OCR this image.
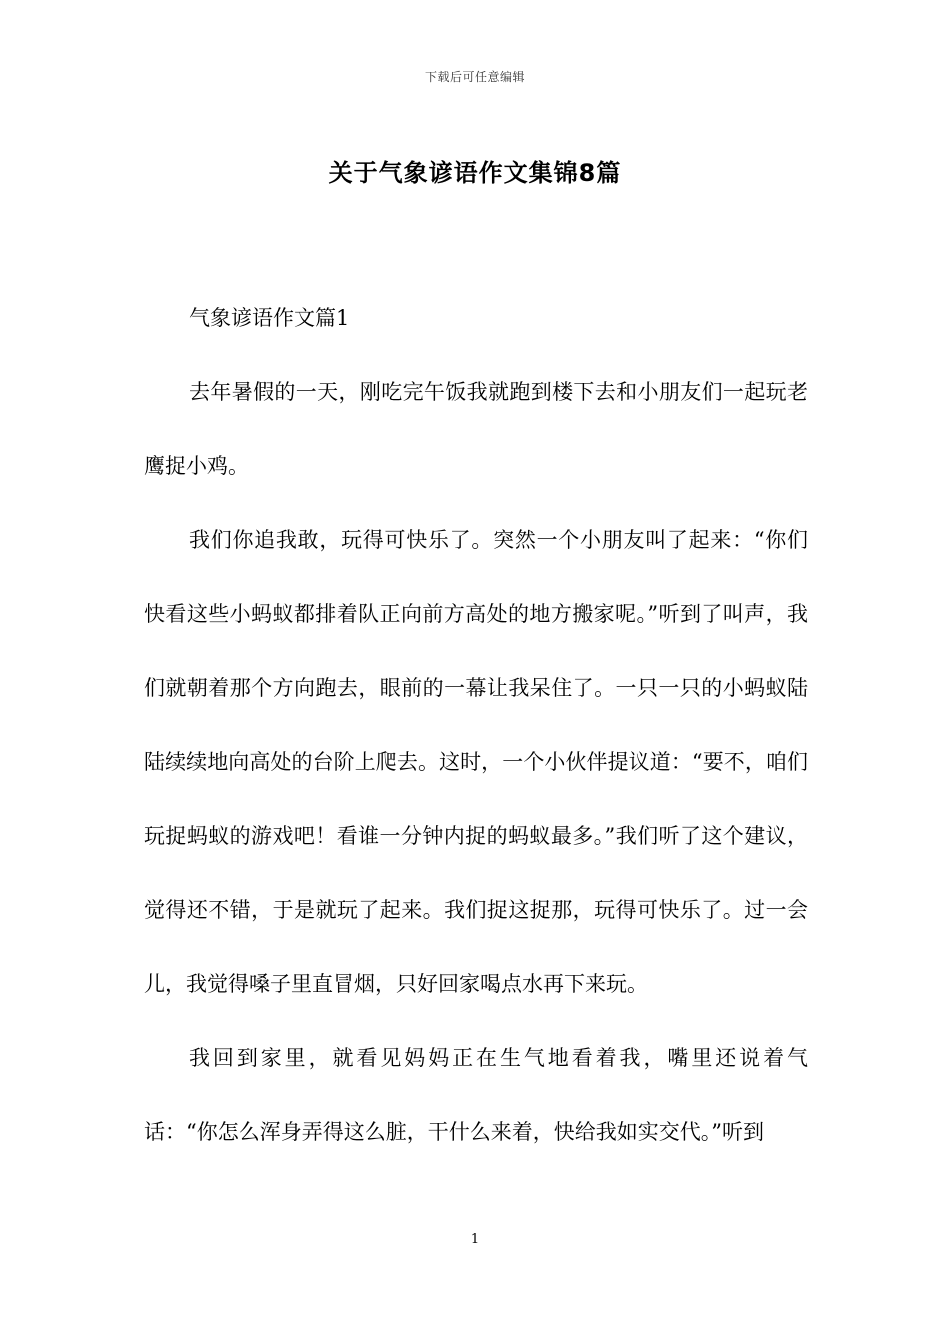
下载后可任意编辑
关于气象谚语作文集锦8篇

气象谚语作文篇1

去年暑假的一天，刚吃完午饭我就跑到楼下去和小朋友们一起玩老鹰捉小鸡。

我们你追我敢，玩得可快乐了。突然一个小朋友叫了起来：“你们快看这些小蚂蚁都排着队正向前方高处的地方搬家呢。”听到了叫声，我们就朝着那个方向跑去，眼前的一幕让我呆住了。一只一只的小蚂蚁陆陆续续地向高处的台阶上爬去。这时，一个小伙伴提议道：“要不，咱们玩捉蚂蚁的游戏吧！看谁一分钟内捉的蚂蚁最多。”我们听了这个建议，觉得还不错，于是就玩了起来。我们捉这捉那，玩得可快乐了。过一会儿，我觉得嗓子里直冒烟，只好回家喝点水再下来玩。

我回到家里，就看见妈妈正在生气地看着我，嘴里还说着气话：“你怎么浑身弄得这么脏，干什么来着，快给我如实交代。”听到

1
